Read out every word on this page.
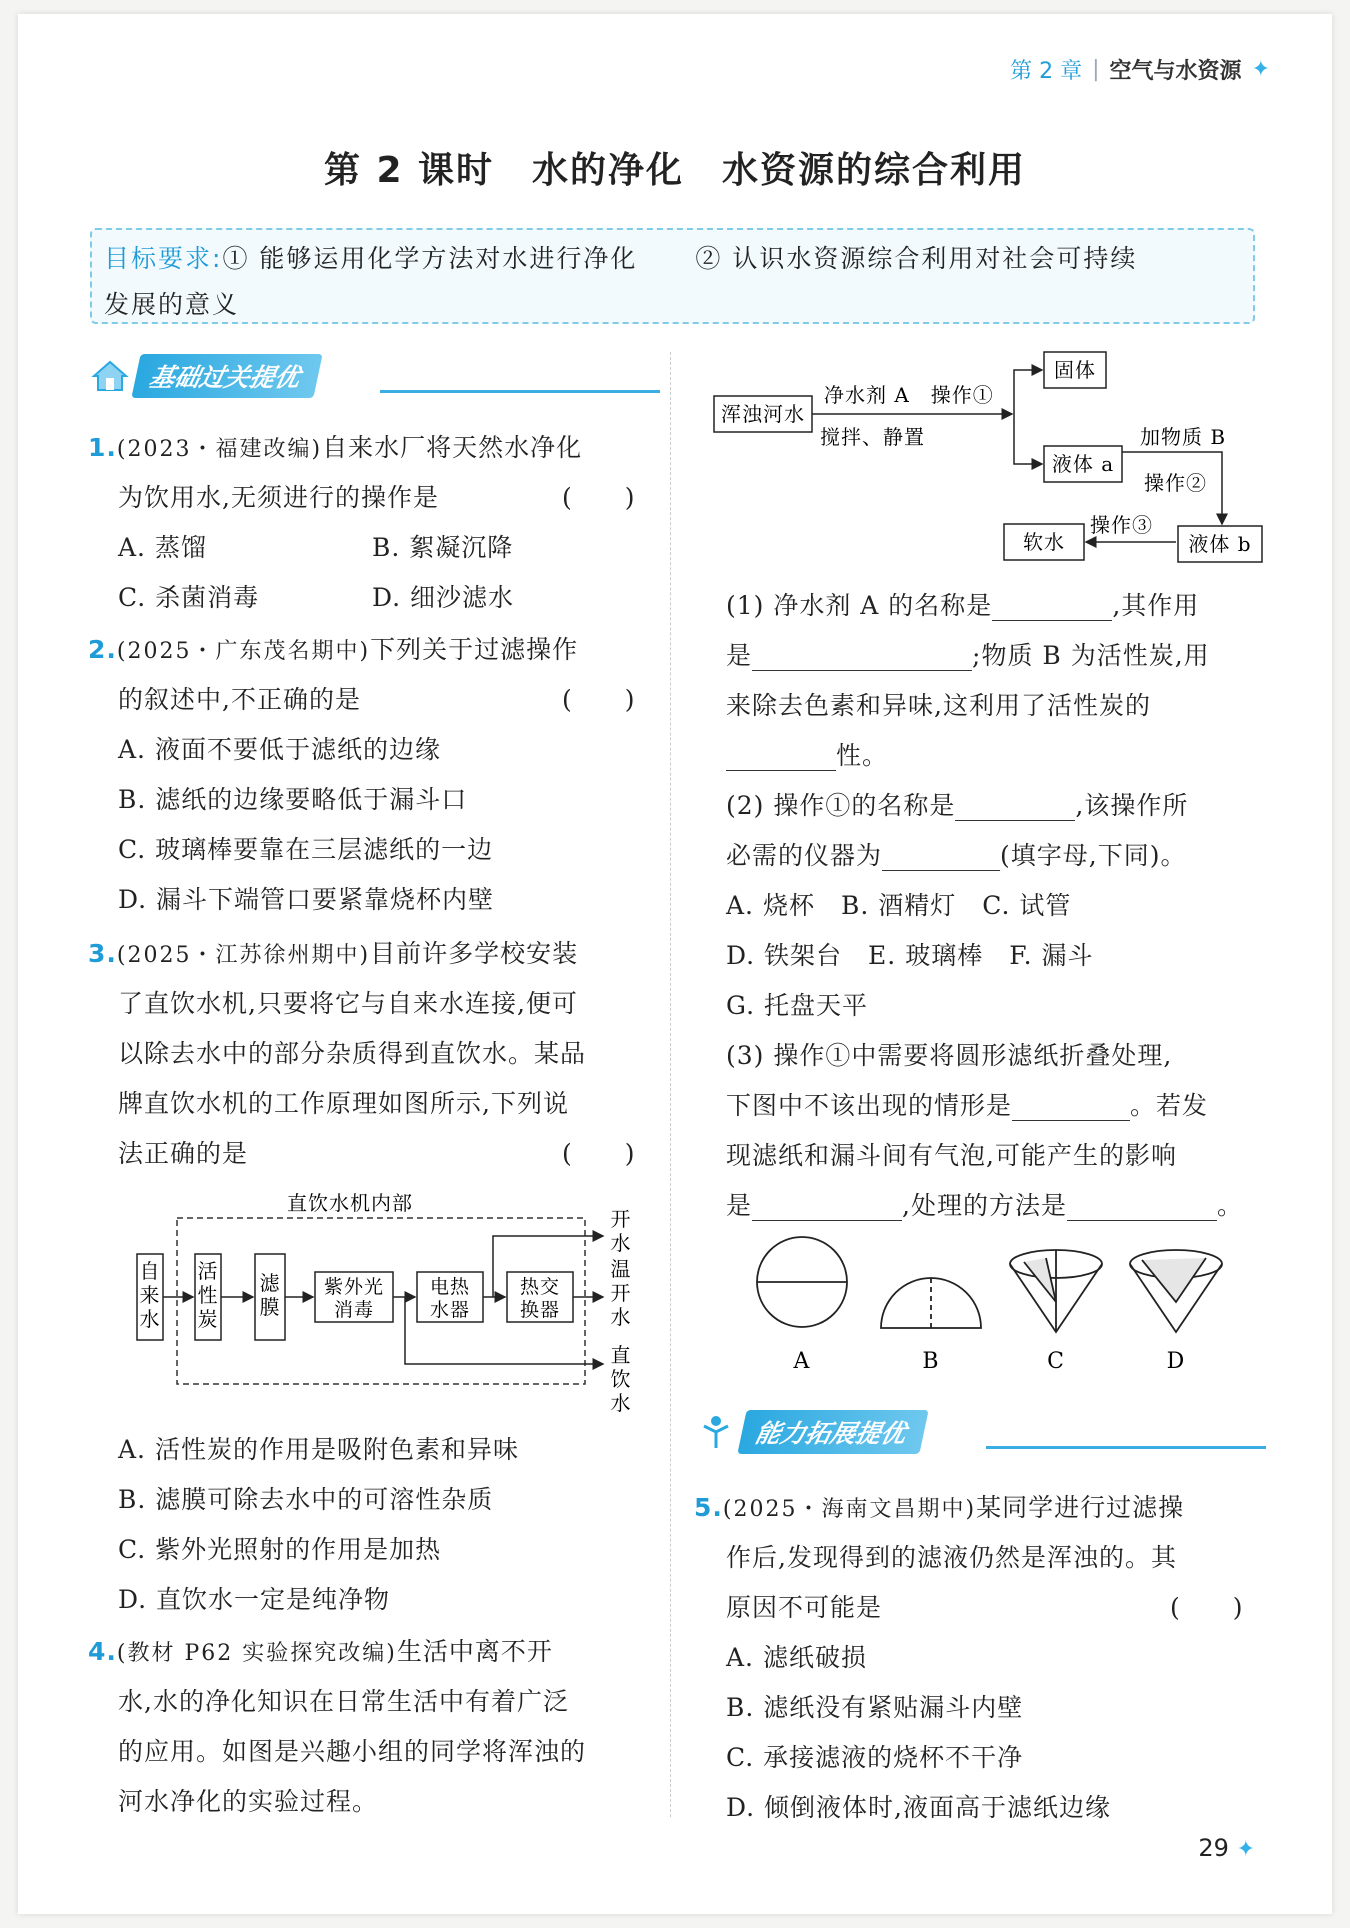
第 2 章 | 空气与水资源 ✦
第 2 课时　水的净化　水资源的综合利用
目标要求:① 能够运用化学方法对水进行净化 ② 认识水资源综合利用对社会可持续
发展的意义
基础过关提优
能力拓展提优
1.(2023・福建改编)自来水厂将天然水净化
为饮用水,无须进行的操作是	(　　)
A. 蒸馏	B. 絮凝沉降
C. 杀菌消毒	D. 细沙滤水
2.(2025・广东茂名期中)下列关于过滤操作
的叙述中,不正确的是	(　　)
A. 液面不要低于滤纸的边缘
B. 滤纸的边缘要略低于漏斗口
C. 玻璃棒要靠在三层滤纸的一边
D. 漏斗下端管口要紧靠烧杯内壁
3.(2025・江苏徐州期中)目前许多学校安装
了直饮水机,只要将它与自来水连接,便可
以除去水中的部分杂质得到直饮水。某品
牌直饮水机的工作原理如图所示,下列说
法正确的是	(　　)
直饮水机内部
自
来
水
活
性
炭
滤
膜
紫外光
消毒
电热
水器
热交
换器
开
水
温
开
水
直
饮
水
A. 活性炭的作用是吸附色素和异味
B. 滤膜可除去水中的可溶性杂质
C. 紫外光照射的作用是加热
D. 直饮水一定是纯净物
4.(教材 P62 实验探究改编)生活中离不开
水,水的净化知识在日常生活中有着广泛
的应用。如图是兴趣小组的同学将浑浊的
河水净化的实验过程。
浑浊河水
净水剂 A　操作①
搅拌、静置
固体
液体 a
加物质 B
操作②
液体 b
操作③
软水
(1) 净水剂 A 的名称是	,其作用
是	;物质 B 为活性炭,用
来除去色素和异味,这利用了活性炭的
性。
(2) 操作①的名称是	,该操作所
必需的仪器为	(填字母,下同)。
A. 烧杯　B. 酒精灯　C. 试管
D. 铁架台　E. 玻璃棒　F. 漏斗
G. 托盘天平
(3) 操作①中需要将圆形滤纸折叠处理,
下图中不该出现的情形是	。若发
现滤纸和漏斗间有气泡,可能产生的影响
是	,处理的方法是	。
A	B	C	D
5.(2025・海南文昌期中)某同学进行过滤操
作后,发现得到的滤液仍然是浑浊的。其
原因不可能是	(　　)
A. 滤纸破损
B. 滤纸没有紧贴漏斗内壁
C. 承接滤液的烧杯不干净
D. 倾倒液体时,液面高于滤纸边缘
29 ✦
